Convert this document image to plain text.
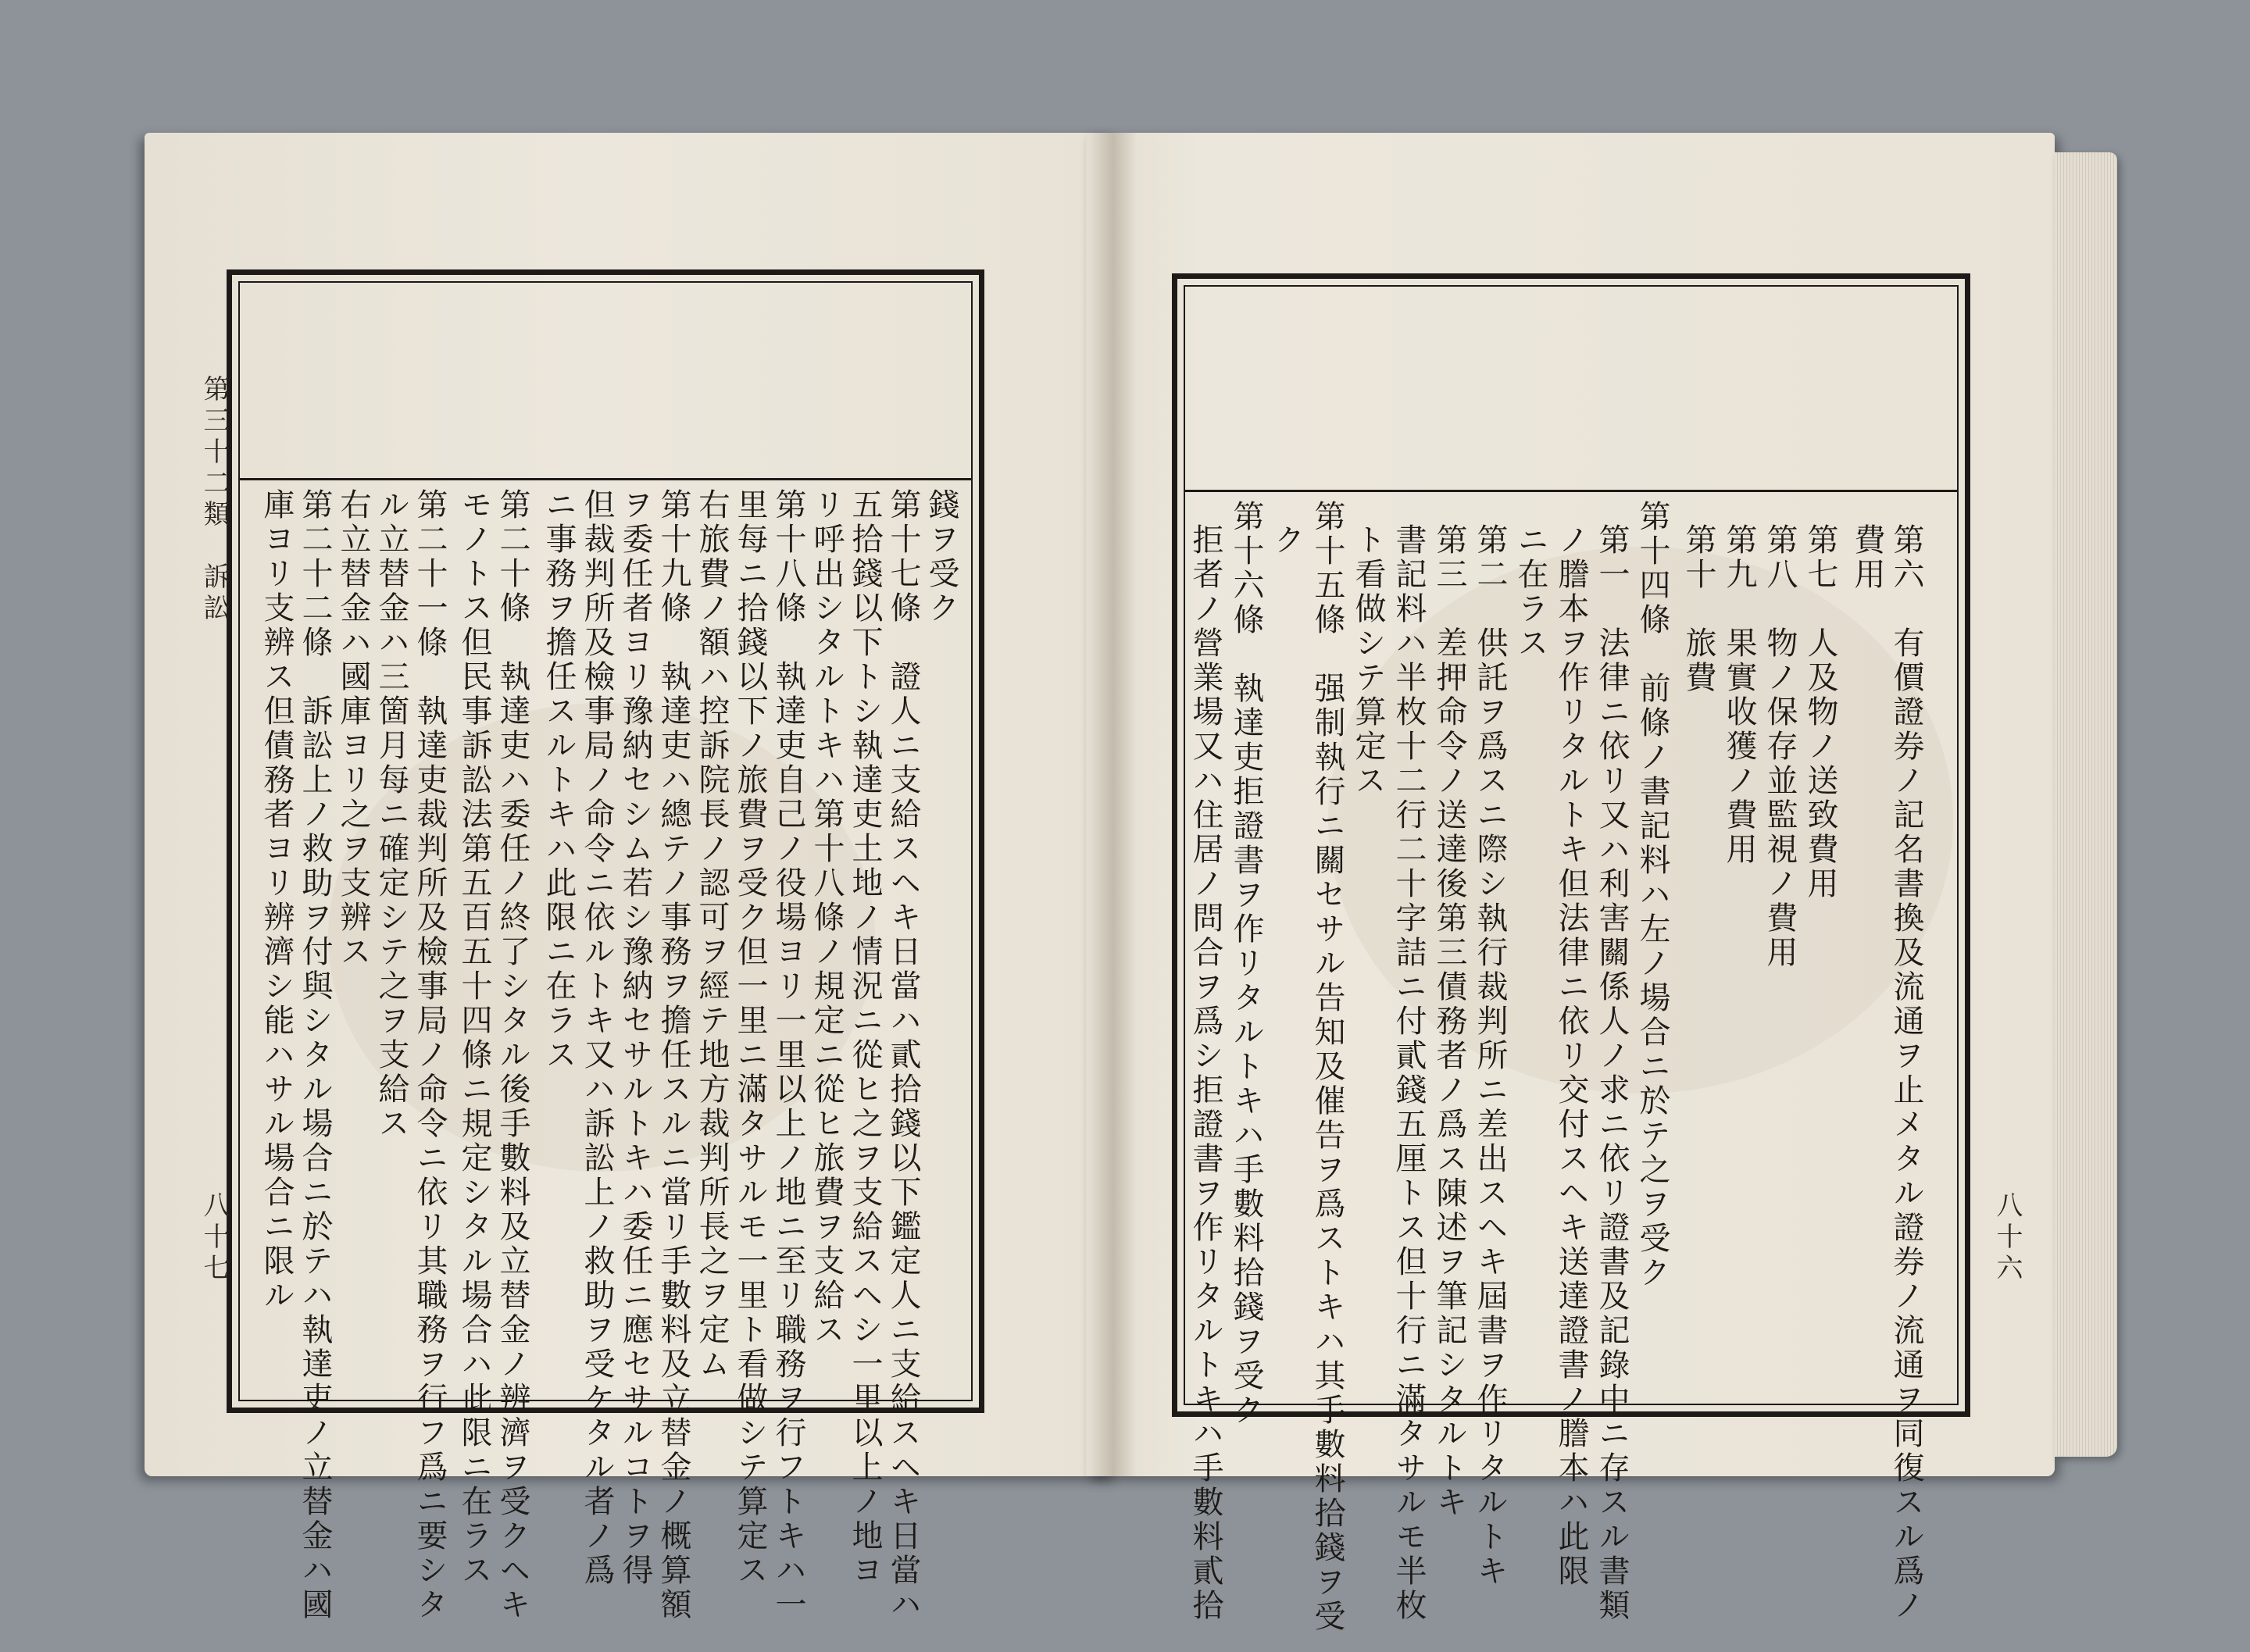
第三十二類　訴訟
八十七	八十六
錢ヲ受ク
第十七條　證人ニ支給スヘキ日當ハ貳拾錢以下鑑定人ニ支給スヘキ日當ハ
五拾錢以下トシ執達吏土地ノ情況ニ從ヒ之ヲ支給スヘシ一里以上ノ地ヨ
リ呼出シタルトキハ第十八條ノ規定ニ從ヒ旅費ヲ支給ス
第十八條　執達吏自己ノ役場ヨリ一里以上ノ地ニ至リ職務ヲ行フトキハ一
里每ニ拾錢以下ノ旅費ヲ受ク但一里ニ滿タサルモ一里ト看做シテ算定ス
右旅費ノ額ハ控訴院長ノ認可ヲ經テ地方裁判所長之ヲ定ム
第十九條　執達吏ハ總テノ事務ヲ擔任スルニ當リ手數料及立替金ノ概算額
ヲ委任者ヨリ豫納セシム若シ豫納セサルトキハ委任ニ應セサルコトヲ得
但裁判所及檢事局ノ命令ニ依ルトキ又ハ訴訟上ノ救助ヲ受ケタル者ノ爲
ニ事務ヲ擔任スルトキハ此限ニ在ラス
第二十條　執達吏ハ委任ノ終了シタル後手數料及立替金ノ辨濟ヲ受クヘキ
モノトス但民事訴訟法第五百五十四條ニ規定シタル場合ハ此限ニ在ラス
第二十一條　執達吏裁判所及檢事局ノ命令ニ依リ其職務ヲ行フ爲ニ要シタ
ル立替金ハ三箇月每ニ確定シテ之ヲ支給ス
右立替金ハ國庫ヨリ之ヲ支辨ス
第二十二條　訴訟上ノ救助ヲ付與シタル場合ニ於テハ執達吏ノ立替金ハ國
庫ヨリ支辨ス但債務者ヨリ辨濟シ能ハサル場合ニ限ル	第六　有價證券ノ記名書換及流通ヲ止メタル證券ノ流通ヲ同復スル爲ノ
費用
第七　人及物ノ送致費用
第八　物ノ保存並監視ノ費用
第九　果實收獲ノ費用
第十　旅費
第十四條　前條ノ書記料ハ左ノ場合ニ於テ之ヲ受ク
第一　法律ニ依リ又ハ利害關係人ノ求ニ依リ證書及記錄中ニ存スル書類
ノ謄本ヲ作リタルトキ但法律ニ依リ交付スヘキ送達證書ノ謄本ハ此限
ニ在ラス
第二　供託ヲ爲スニ際シ執行裁判所ニ差出スヘキ屆書ヲ作リタルトキ
第三　差押命令ノ送達後第三債務者ノ爲ス陳述ヲ筆記シタルトキ
書記料ハ半枚十二行二十字詰ニ付貳錢五厘トス但十行ニ滿タサルモ半枚
ト看做シテ算定ス
第十五條　强制執行ニ關セサル告知及催告ヲ爲ストキハ其手數料拾錢ヲ受
ク
第十六條　執達吏拒證書ヲ作リタルトキハ手數料拾錢ヲ受ク
拒者ノ營業場又ハ住居ノ問合ヲ爲シ拒證書ヲ作リタルトキハ手數料貳拾
